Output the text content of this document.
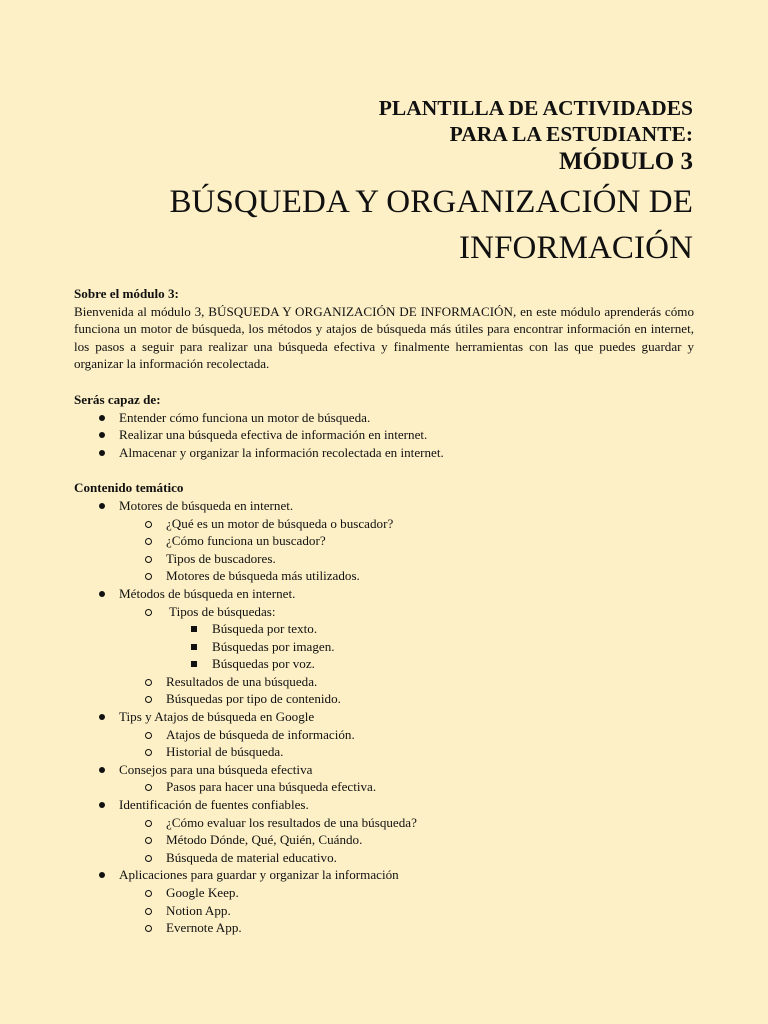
PLANTILLA DE ACTIVIDADES
PARA LA ESTUDIANTE:
MÓDULO 3
BÚSQUEDA Y ORGANIZACIÓN DE
INFORMACIÓN
Sobre el módulo 3:
Bienvenida al módulo 3, BÚSQUEDA Y ORGANIZACIÓN DE INFORMACIÓN, en este módulo aprenderás cómo funciona un motor de búsqueda, los métodos y atajos de búsqueda más útiles para encontrar información en internet, los pasos a seguir para realizar una búsqueda efectiva y finalmente herramientas con las que puedes guardar y organizar la información recolectada.
Serás capaz de:
Entender cómo funciona un motor de búsqueda.
Realizar una búsqueda efectiva de información en internet.
Almacenar y organizar la información recolectada en internet.
Contenido temático
Motores de búsqueda en internet.
¿Qué es un motor de búsqueda o buscador?
¿Cómo funciona un buscador?
Tipos de buscadores.
Motores de búsqueda más utilizados.
Métodos de búsqueda en internet.
Tipos de búsquedas:
Búsqueda por texto.
Búsquedas por imagen.
Búsquedas por voz.
Resultados de una búsqueda.
Búsquedas por tipo de contenido.
Tips y Atajos de búsqueda en Google
Atajos de búsqueda de información.
Historial de búsqueda.
Consejos para una búsqueda efectiva
Pasos para hacer una búsqueda efectiva.
Identificación de fuentes confiables.
¿Cómo evaluar los resultados de una búsqueda?
Método Dónde, Qué, Quién, Cuándo.
Búsqueda de material educativo.
Aplicaciones para guardar y organizar la información
Google Keep.
Notion App.
Evernote App.
